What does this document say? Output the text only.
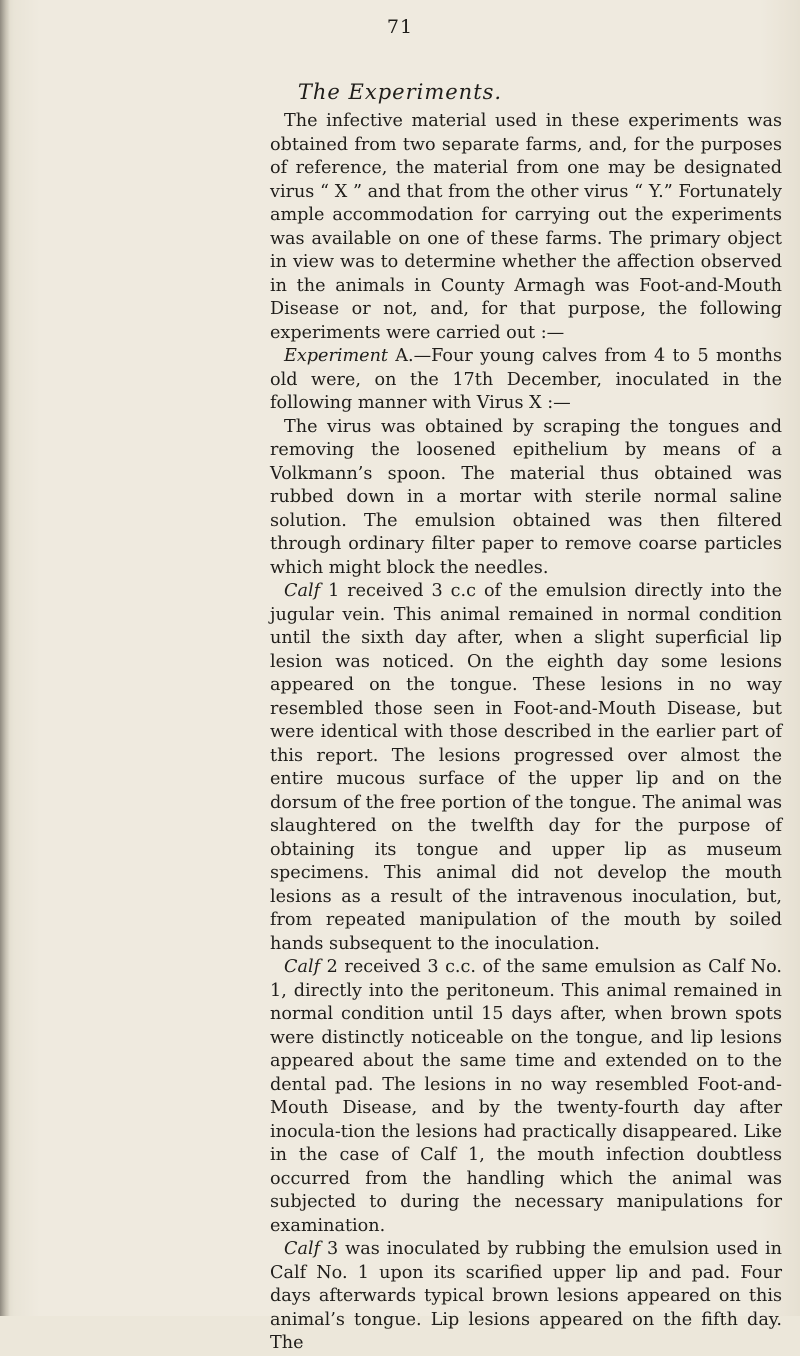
71
The Experiments.

The infective material used in these experiments was obtained from two separate farms, and, for the purposes of reference, the material from one may be designated virus “ X ” and that from the other virus “ Y.” Fortunately ample accommodation for carrying out the experiments was available on one of these farms. The primary object in view was to determine whether the affection observed in the animals in County Armagh was Foot-and-Mouth Disease or not, and, for that purpose, the following experiments were carried out :—

Experiment A.—Four young calves from 4 to 5 months old were, on the 17th December, inoculated in the following manner with Virus X :—

The virus was obtained by scraping the tongues and removing the loosened epithelium by means of a Volkmann’s spoon. The material thus obtained was rubbed down in a mortar with sterile normal saline solution. The emulsion obtained was then filtered through ordinary filter paper to remove coarse particles which might block the needles.

Calf 1 received 3 c.c of the emulsion directly into the jugular vein. This animal remained in normal condition until the sixth day after, when a slight superficial lip lesion was noticed. On the eighth day some lesions appeared on the tongue. These lesions in no way resembled those seen in Foot-and-Mouth Disease, but were identical with those described in the earlier part of this report. The lesions progressed over almost the entire mucous surface of the upper lip and on the dorsum of the free portion of the tongue. The animal was slaughtered on the twelfth day for the purpose of obtaining its tongue and upper lip as museum specimens. This animal did not develop the mouth lesions as a result of the intravenous inoculation, but, from repeated manipulation of the mouth by soiled hands subsequent to the inoculation.

Calf 2 received 3 c.c. of the same emulsion as Calf No. 1, directly into the peritoneum. This animal remained in normal condition until 15 days after, when brown spots were distinctly noticeable on the tongue, and lip lesions appeared about the same time and extended on to the dental pad. The lesions in no way resembled Foot-and-Mouth Disease, and by the twenty-fourth day after inocula-tion the lesions had practically disappeared. Like in the case of Calf 1, the mouth infection doubtless occurred from the handling which the animal was subjected to during the necessary manipulations for examination.

Calf 3 was inoculated by rubbing the emulsion used in Calf No. 1 upon its scarified upper lip and pad. Four days afterwards typical brown lesions appeared on this animal’s tongue. Lip lesions appeared on the fifth day. The
